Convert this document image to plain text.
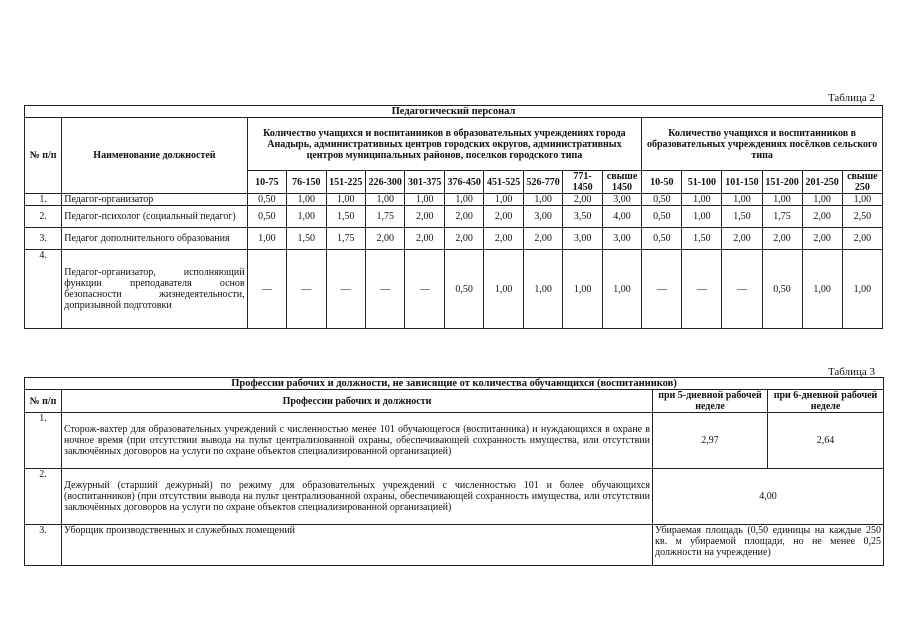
Таблица 2
Педагогический персонал																	
№ п/п	Наименование должностей	Количество учащихся и воспитанников в образовательных учреждениях города Анадырь, административных центров городских округов, административных центров муниципальных районов, поселков городского типа										Количество учащихся и воспитанников в образовательных учреждениях посёлков сельского типа					
		10-75	76-150	151-225	226-300	301-375	376-450	451-525	526-770	771-1450	свыше 1450	10-50	51-100	101-150	151-200	201-250	свыше 250
1.	Педагог-организатор	0,50	1,00	1,00	1,00	1,00	1,00	1,00	1,00	2,00	3,00	0,50	1,00	1,00	1,00	1,00	1,00
2.	Педагог-психолог (социальный педагог)	0,50	1,00	1,50	1,75	2,00	2,00	2,00	3,00	3,50	4,00	0,50	1,00	1,50	1,75	2,00	2,50
3.	Педагог дополнительного образования	1,00	1,50	1,75	2,00	2,00	2,00	2,00	2,00	3,00	3,00	0,50	1,50	2,00	2,00	2,00	2,00
4.	Педагог-организатор, исполняющий функции преподавателя основ безопасности жизнедеятельности, допризывной подготовки	—	—	—	—	—	0,50	1,00	1,00	1,00	1,00	—	—	—	0,50	1,00	1,00
Таблица 3
Профессии рабочих и должности, не зависящие от количества обучающихся (воспитанников)			
№ п/п	Профессии рабочих и должности	при 5-дневной рабочей неделе	при 6-дневной рабочей неделе
1.	Сторож-вахтер для образовательных учреждений с численностью менее 101 обучающегося (воспитанника) и нуждающихся в охране в ночное время (при отсутствии вывода на пульт централизованной охраны, обеспечивающей сохранность имущества, или отсутствии заключённых договоров на услуги по охране объектов специализированной организацией)	2,97	2,64
2.	Дежурный (старший дежурный) по режиму для образовательных учреждений с численностью 101 и более обучающихся (воспитанников) (при отсутствии вывода на пульт централизованной охраны, обеспечивающей сохранность имущества, или отсутствии заключённых договоров на услуги по охране объектов специализированной организацией)	4,00	
3.	Уборщик производственных и служебных помещений	Убираемая площадь (0,50 единицы на каждые 250 кв. м убираемой площади, но не менее 0,25 должности на учреждение)	
